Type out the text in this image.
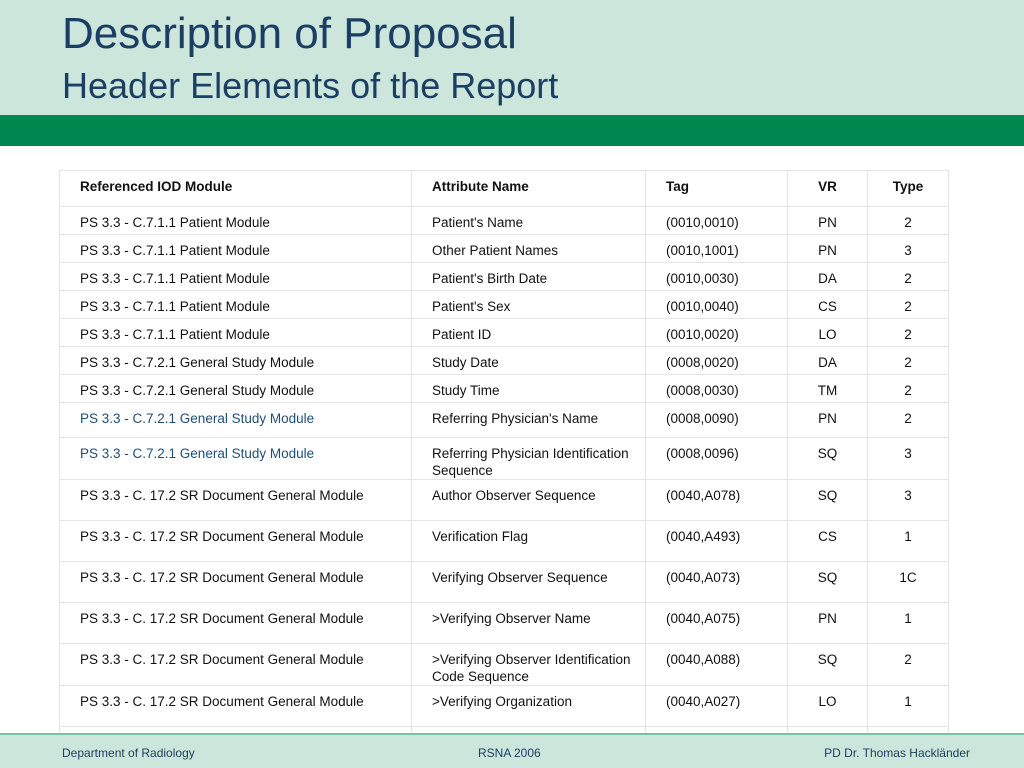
Description of Proposal
Header Elements of the Report
Referenced IOD Module	Attribute Name	Tag	VR	Type
PS 3.3 - C.7.1.1 Patient Module	Patient's Name	(0010,0010)	PN	2
PS 3.3 - C.7.1.1 Patient Module	Other Patient Names	(0010,1001)	PN	3
PS 3.3 - C.7.1.1 Patient Module	Patient's Birth Date	(0010,0030)	DA	2
PS 3.3 - C.7.1.1 Patient Module	Patient's Sex	(0010,0040)	CS	2
PS 3.3 - C.7.1.1 Patient Module	Patient ID	(0010,0020)	LO	2
PS 3.3 - C.7.2.1 General Study Module	Study Date	(0008,0020)	DA	2
PS 3.3 - C.7.2.1 General Study Module	Study Time	(0008,0030)	TM	2
PS 3.3 - C.7.2.1 General Study Module	Referring Physician's Name	(0008,0090)	PN	2
PS 3.3 - C.7.2.1 General Study Module	Referring Physician Identification Sequence	(0008,0096)	SQ	3
PS 3.3 - C. 17.2 SR Document General Module	Author Observer Sequence	(0040,A078)	SQ	3
PS 3.3 - C. 17.2 SR Document General Module	Verification Flag	(0040,A493)	CS	1
PS 3.3 - C. 17.2 SR Document General Module	Verifying Observer Sequence	(0040,A073)	SQ	1C
PS 3.3 - C. 17.2 SR Document General Module	>Verifying Observer Name	(0040,A075)	PN	1
PS 3.3 - C. 17.2 SR Document General Module	>Verifying Observer Identification Code Sequence	(0040,A088)	SQ	2
PS 3.3 - C. 17.2 SR Document General Module	>Verifying Organization	(0040,A027)	LO	1

Department of Radiology	RSNA 2006	PD Dr. Thomas Hackländer
